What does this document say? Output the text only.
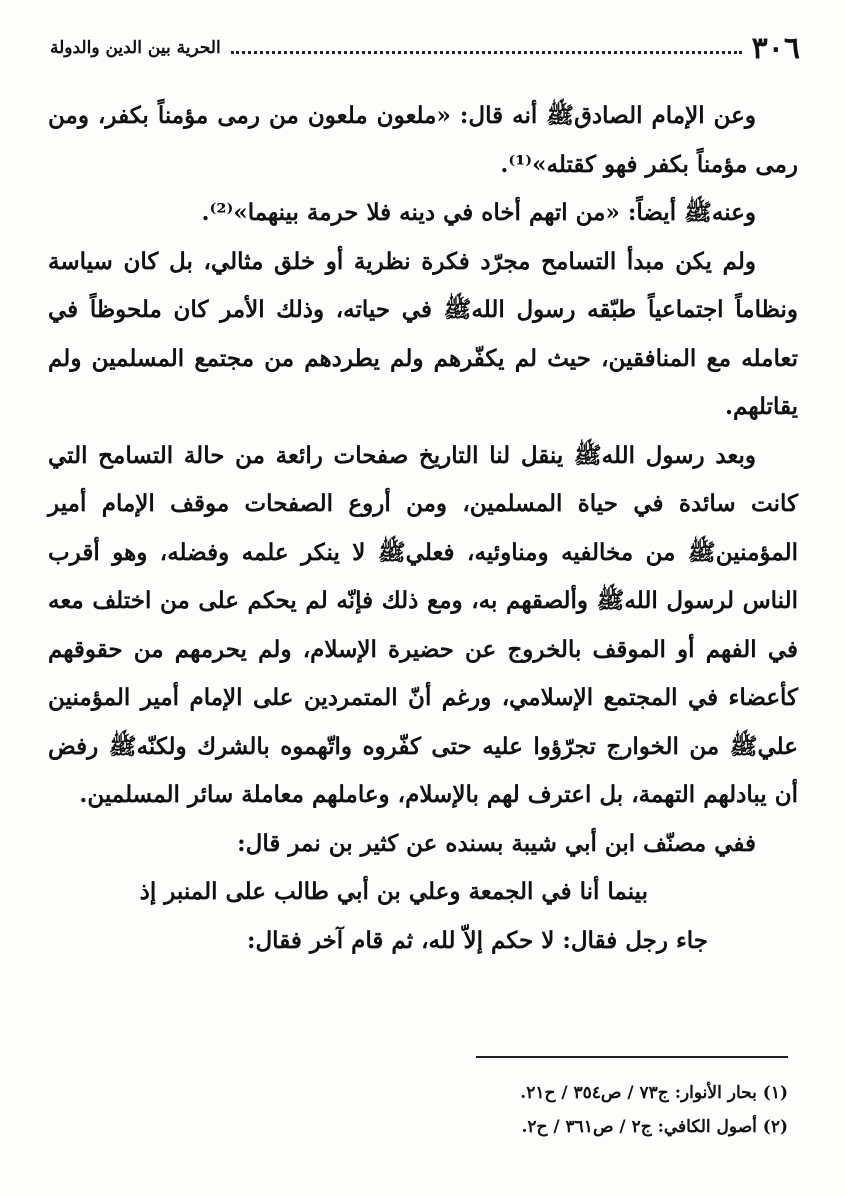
٣٠٦
الحرية بين الدين والدولة

وعن الإمام الصادقﷺ أنه قال: «ملعون ملعون من رمى مؤمناً بكفر، ومن رمى مؤمناً بكفر فهو كقتله»⁽¹⁾.

وعنهﷺ أيضاً: «من اتهم أخاه في دينه فلا حرمة بينهما»⁽²⁾.

ولم يكن مبدأ التسامح مجرّد فكرة نظرية أو خلق مثالي، بل كان سياسة ونظاماً اجتماعياً طبّقه رسول اللهﷺ في حياته، وذلك الأمر كان ملحوظاً في تعامله مع المنافقين، حيث لم يكفّرهم ولم يطردهم من مجتمع المسلمين ولم يقاتلهم.

وبعد رسول اللهﷺ ينقل لنا التاريخ صفحات رائعة من حالة التسامح التي كانت سائدة في حياة المسلمين، ومن أروع الصفحات موقف الإمام أمير المؤمنينﷺ من مخالفيه ومناوئيه، فعليﷺ لا ينكر علمه وفضله، وهو أقرب الناس لرسول اللهﷺ وألصقهم به، ومع ذلك فإنّه لم يحكم على من اختلف معه في الفهم أو الموقف بالخروج عن حضيرة الإسلام، ولم يحرمهم من حقوقهم كأعضاء في المجتمع الإسلامي، ورغم أنّ المتمردين على الإمام أمير المؤمنين عليﷺ من الخوارج تجرّؤوا عليه حتى كفّروه واتّهموه بالشرك ولكنّهﷺ رفض أن يبادلهم التهمة، بل اعترف لهم بالإسلام، وعاملهم معاملة سائر المسلمين.

ففي مصنّف ابن أبي شيبة بسنده عن كثير بن نمر قال:

بينما أنا في الجمعة وعلي بن أبي طالب على المنبر إذ

جاء رجل فقال: لا حكم إلاّ لله، ثم قام آخر فقال:

(١) بحار الأنوار: ج٧٣ / ص٣٥٤ / ح٢١.

(٢) أصول الكافي: ج٢ / ص٣٦١ / ح٢.
